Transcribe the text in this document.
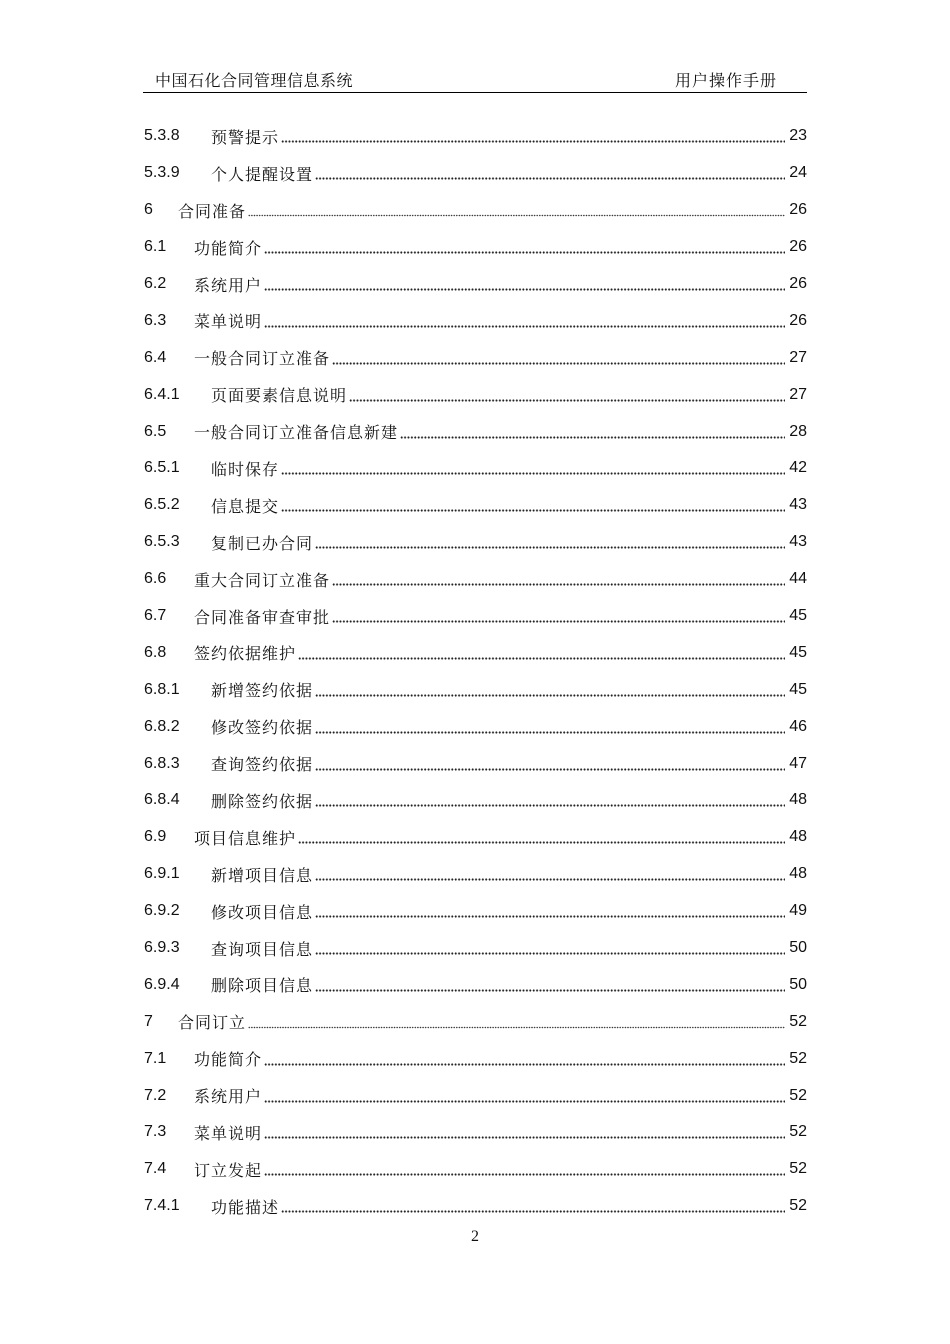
中国石化合同管理信息系统	用户操作手册
5.3.8	预警提示	23
5.3.9	个人提醒设置	24
6	合同准备	26
6.1	功能简介	26
6.2	系统用户	26
6.3	菜单说明	26
6.4	一般合同订立准备	27
6.4.1	页面要素信息说明	27
6.5	一般合同订立准备信息新建	28
6.5.1	临时保存	42
6.5.2	信息提交	43
6.5.3	复制已办合同	43
6.6	重大合同订立准备	44
6.7	合同准备审查审批	45
6.8	签约依据维护	45
6.8.1	新增签约依据	45
6.8.2	修改签约依据	46
6.8.3	查询签约依据	47
6.8.4	删除签约依据	48
6.9	项目信息维护	48
6.9.1	新增项目信息	48
6.9.2	修改项目信息	49
6.9.3	查询项目信息	50
6.9.4	删除项目信息	50
7	合同订立	52
7.1	功能简介	52
7.2	系统用户	52
7.3	菜单说明	52
7.4	订立发起	52
7.4.1	功能描述	52
2
